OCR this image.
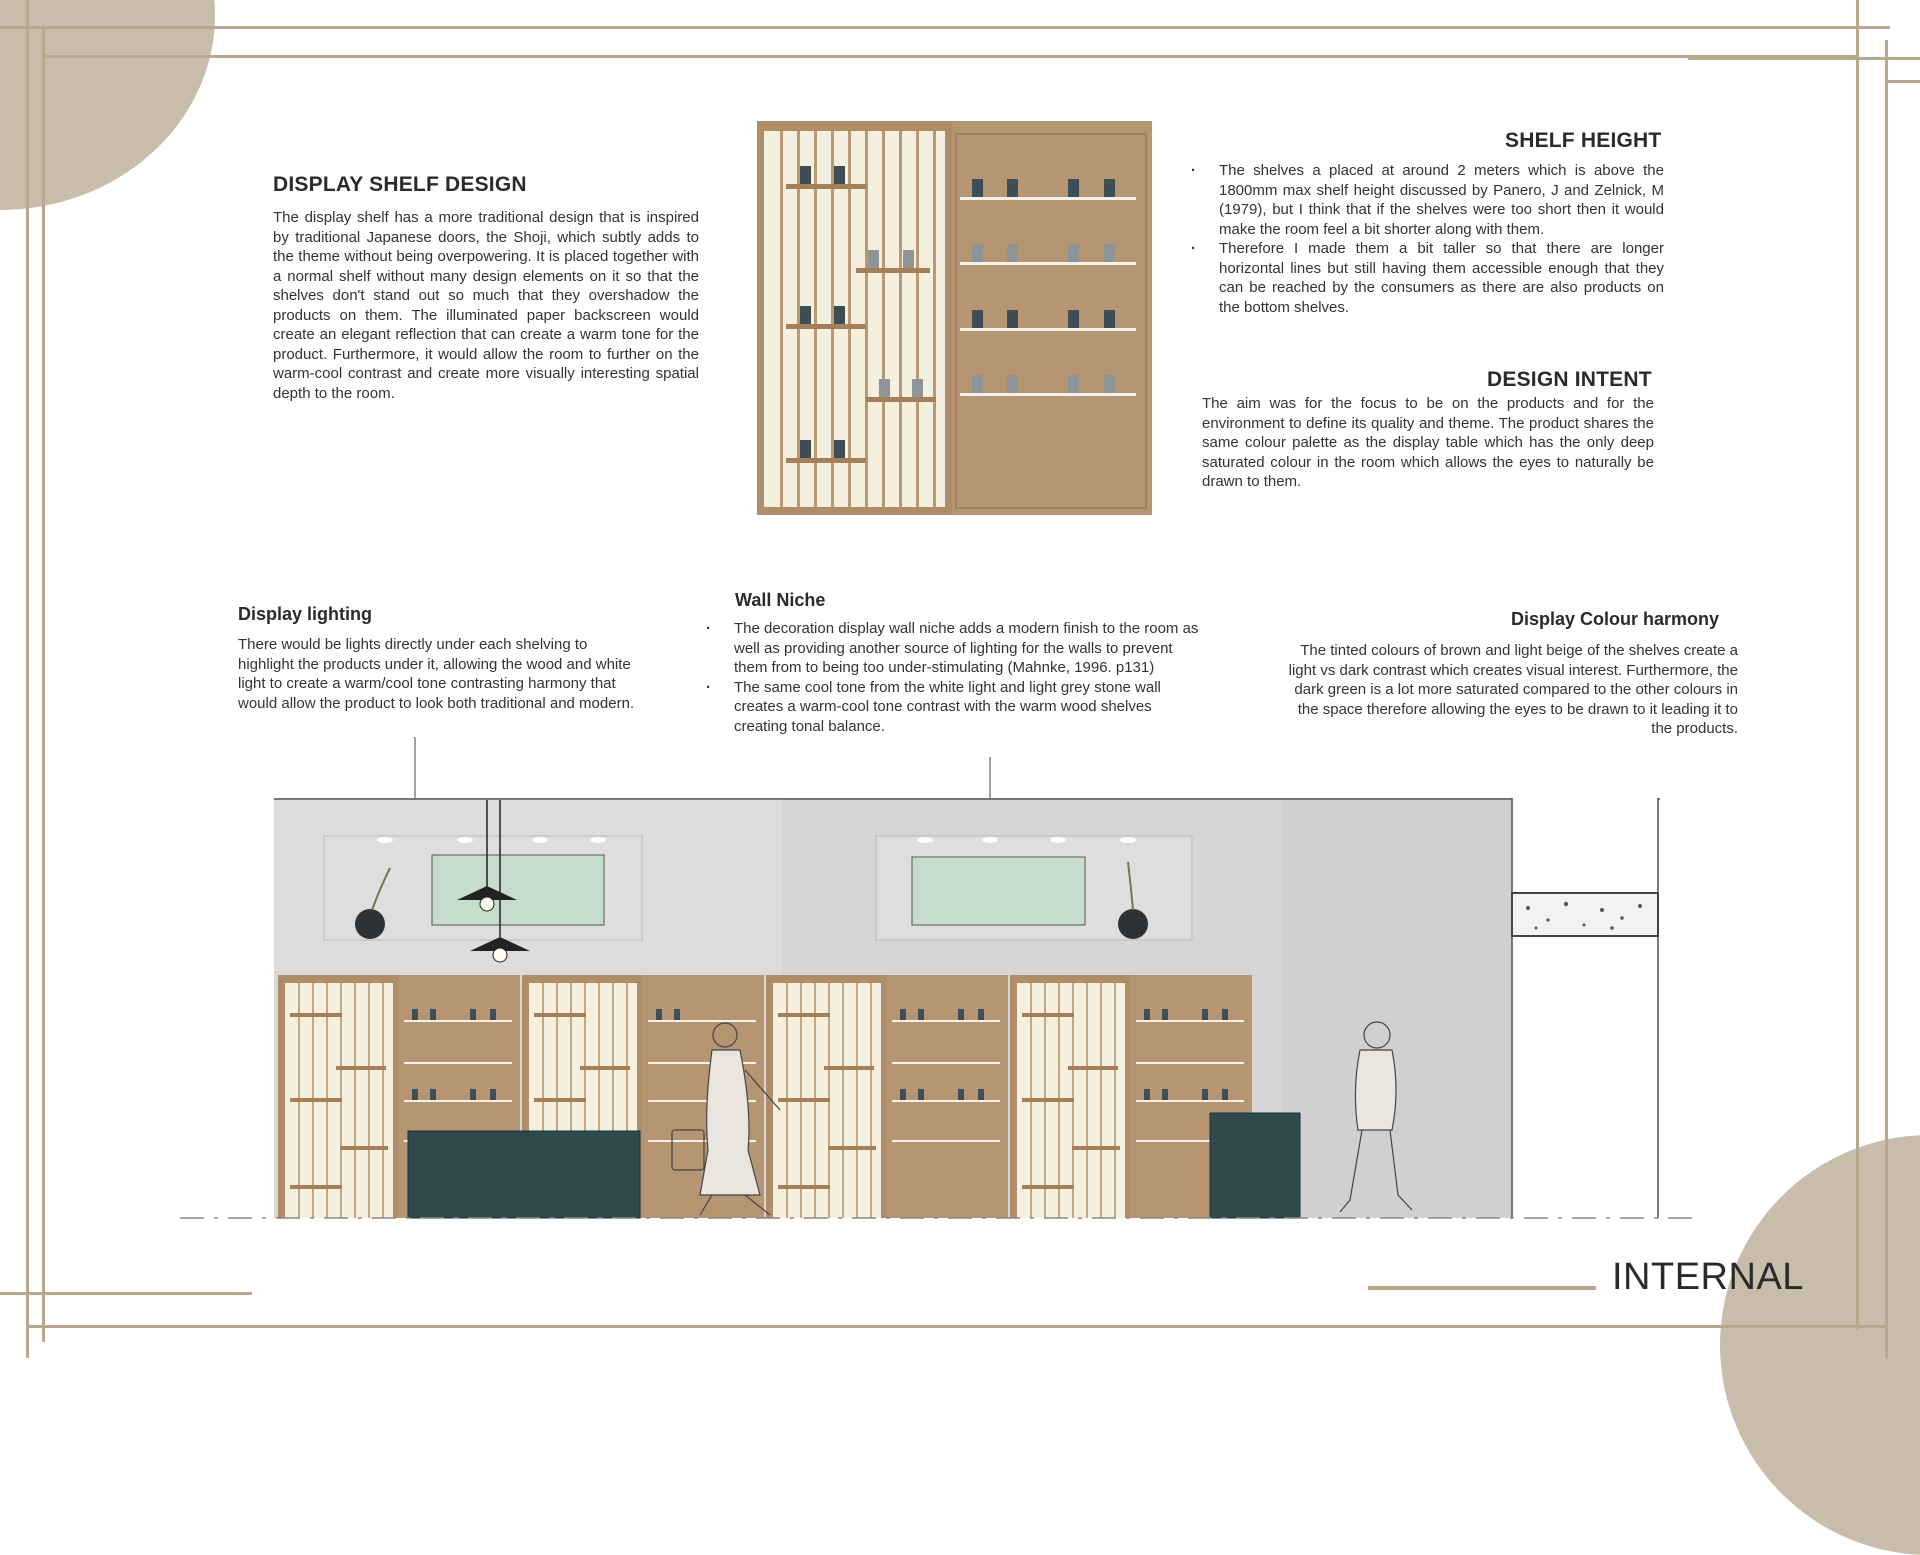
DISPLAY SHELF DESIGN

The display shelf has a more traditional design that is inspired by traditional Japanese doors, the Shoji, which subtly adds to the theme without being overpowering. It is placed together with a normal shelf without many design elements on it so that the shelves don't stand out so much that they overshadow the products on them. The illuminated paper backscreen would create an elegant reflection that can create a warm tone for the product. Furthermore, it would allow the room to further on the warm-cool contrast and create more visually interesting spatial depth to the room.

SHELF HEIGHT
· The shelves a placed at around 2 meters which is above the 1800mm max shelf height discussed by Panero, J and Zelnick, M (1979), but I think that if the shelves were too short then it would make the room feel a bit shorter along with them.
· Therefore I made them a bit taller so that there are longer horizontal lines but still having them accessible enough that they can be reached by the consumers as there are also products on the bottom shelves.
DESIGN INTENT

The aim was for the focus to be on the products and for the environment to define its quality and theme. The product shares the same colour palette as the display table which has the only deep saturated colour in the room which allows the eyes to naturally be drawn to them.

Display lighting

There would be lights directly under each shelving to highlight the products under it, allowing the wood and white light to create a warm/cool tone contrasting harmony that would allow the product to look both traditional and modern.

Wall Niche
· The decoration display wall niche adds a modern finish to the room as well as providing another source of lighting for the walls to prevent them from to being too under-stimulating (Mahnke, 1996. p131)
· The same cool tone from the white light and light grey stone wall creates a warm-cool tone contrast with the warm wood shelves creating tonal balance.
Display Colour harmony

The tinted colours of brown and light beige of the shelves create a light vs dark contrast which creates visual interest. Furthermore, the dark green is a lot more saturated compared to the other colours in the space therefore allowing the eyes to be drawn to it leading it to the products.

INTERNAL
